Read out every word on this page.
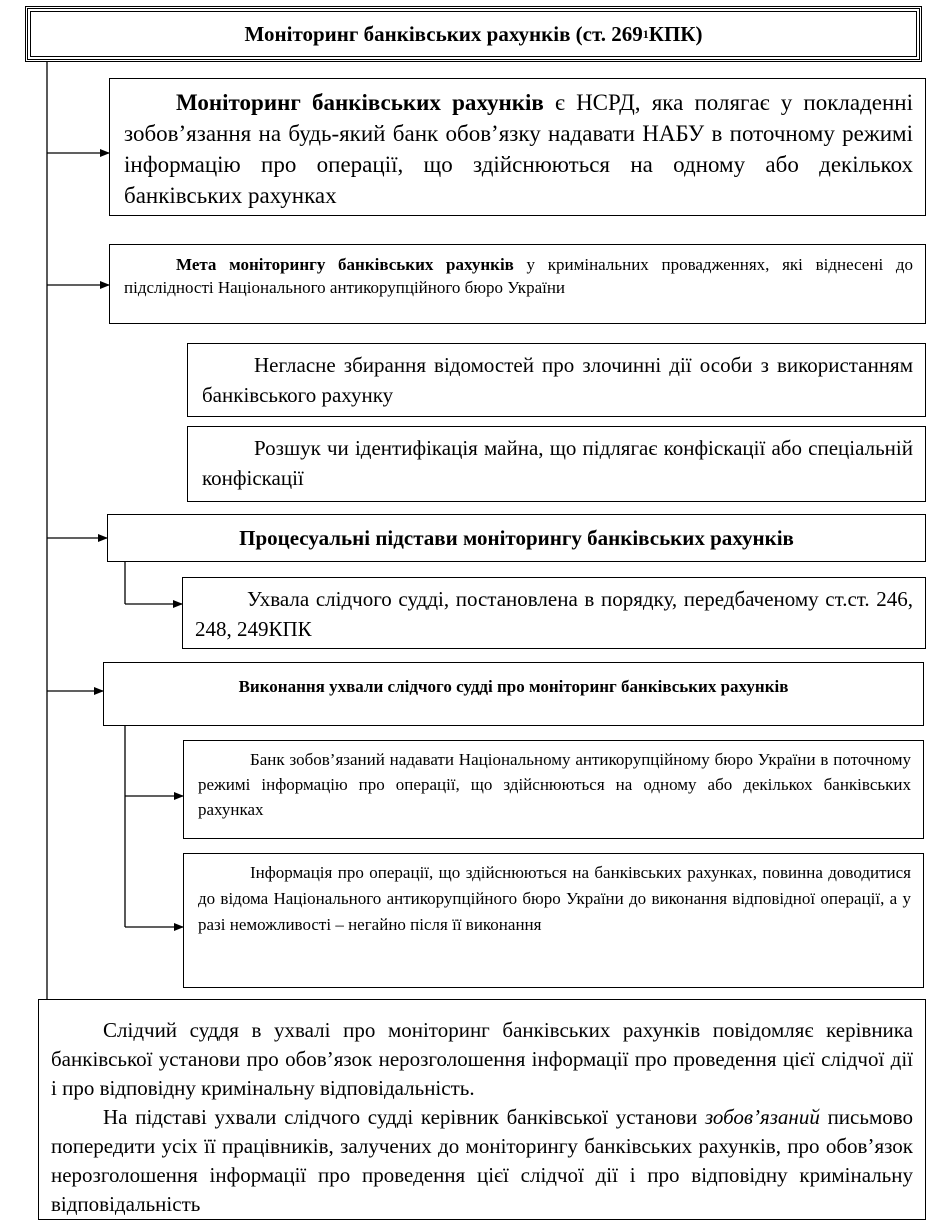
Моніторинг банківських рахунків (ст. 269 1 КПК)

Моніторинг банківських рахунків є НСРД, яка полягає у покладенні зобов’язання на будь-який банк обов’язку надавати НАБУ в поточному режимі інформацію про операції, що здійснюються на одному або декількох банківських рахунках

Мета моніторингу банківських рахунків у кримінальних провадженнях, які віднесені до підслідності Національного антикорупційного бюро України

Негласне збирання відомостей про злочинні дії особи з використанням банківського рахунку

Розшук чи ідентифікація майна, що підлягає конфіскації або спеціальній конфіскації

Процесуальні підстави моніторингу банківських рахунків

Ухвала слідчого судді, постановлена в порядку, передбаченому ст.ст. 246, 248, 249КПК

Виконання ухвали слідчого судді про моніторинг банківських рахунків

Банк зобов’язаний надавати Національному антикорупційному бюро України в поточному режимі інформацію про операції, що здійснюються на одному або декількох банківських рахунках

Інформація про операції, що здійснюються на банківських рахунках, повинна доводитися до відома Національного антикорупційного бюро України до виконання відповідної операції, а у разі неможливості – негайно після її виконання

Слідчий суддя в ухвалі про моніторинг банківських рахунків повідомляє керівника банківської установи про обов’язок нерозголошення інформації про проведення цієї слідчої дії і про відповідну кримінальну відповідальність.

На підставі ухвали слідчого судді керівник банківської установи зобов’язаний письмово попередити усіх її працівників, залучених до моніторингу банківських рахунків, про обов’язок нерозголошення інформації про проведення цієї слідчої дії і про відповідну кримінальну відповідальність
